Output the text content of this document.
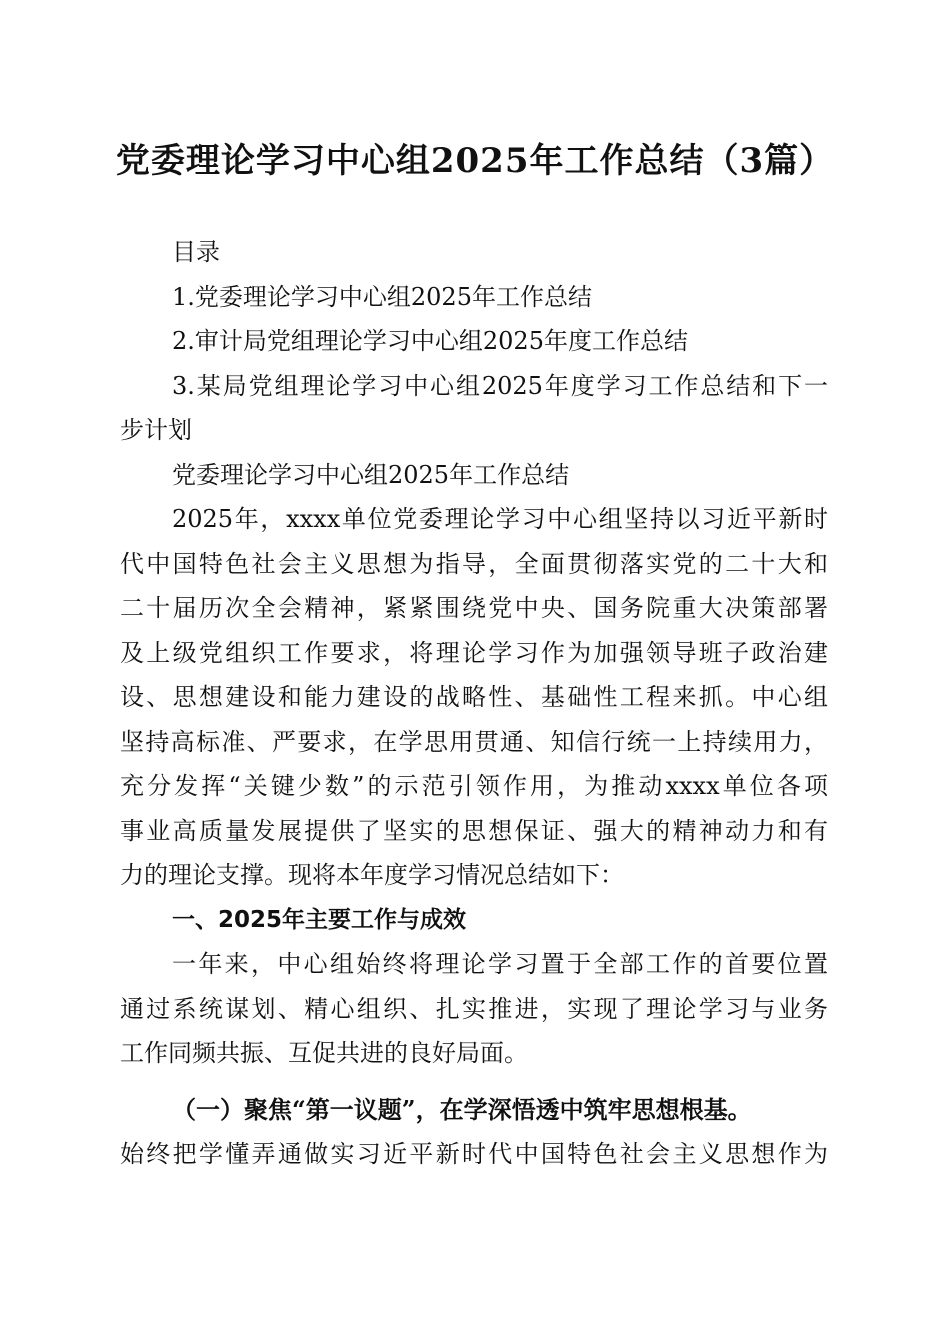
党委理论学习中心组2025年工作总结（3篇）
目录
1.党委理论学习中心组2025年工作总结
2.审计局党组理论学习中心组2025年度工作总结
3.某局党组理论学习中心组2025年度学习工作总结和下一
步计划
党委理论学习中心组2025年工作总结
2025年，xxxx单位党委理论学习中心组坚持以习近平新时
代中国特色社会主义思想为指导，全面贯彻落实党的二十大和
二十届历次全会精神，紧紧围绕党中央、国务院重大决策部署
及上级党组织工作要求，将理论学习作为加强领导班子政治建
设、思想建设和能力建设的战略性、基础性工程来抓。中心组
坚持高标准、严要求，在学思用贯通、知信行统一上持续用力，
充分发挥“关键少数”的示范引领作用，为推动xxxx单位各项
事业高质量发展提供了坚实的思想保证、强大的精神动力和有
力的理论支撑。现将本年度学习情况总结如下：
一、2025年主要工作与成效
一年来，中心组始终将理论学习置于全部工作的首要位置
通过系统谋划、精心组织、扎实推进，实现了理论学习与业务
工作同频共振、互促共进的良好局面。
（一）聚焦“第一议题”，在学深悟透中筑牢思想根基。
始终把学懂弄通做实习近平新时代中国特色社会主义思想作为
